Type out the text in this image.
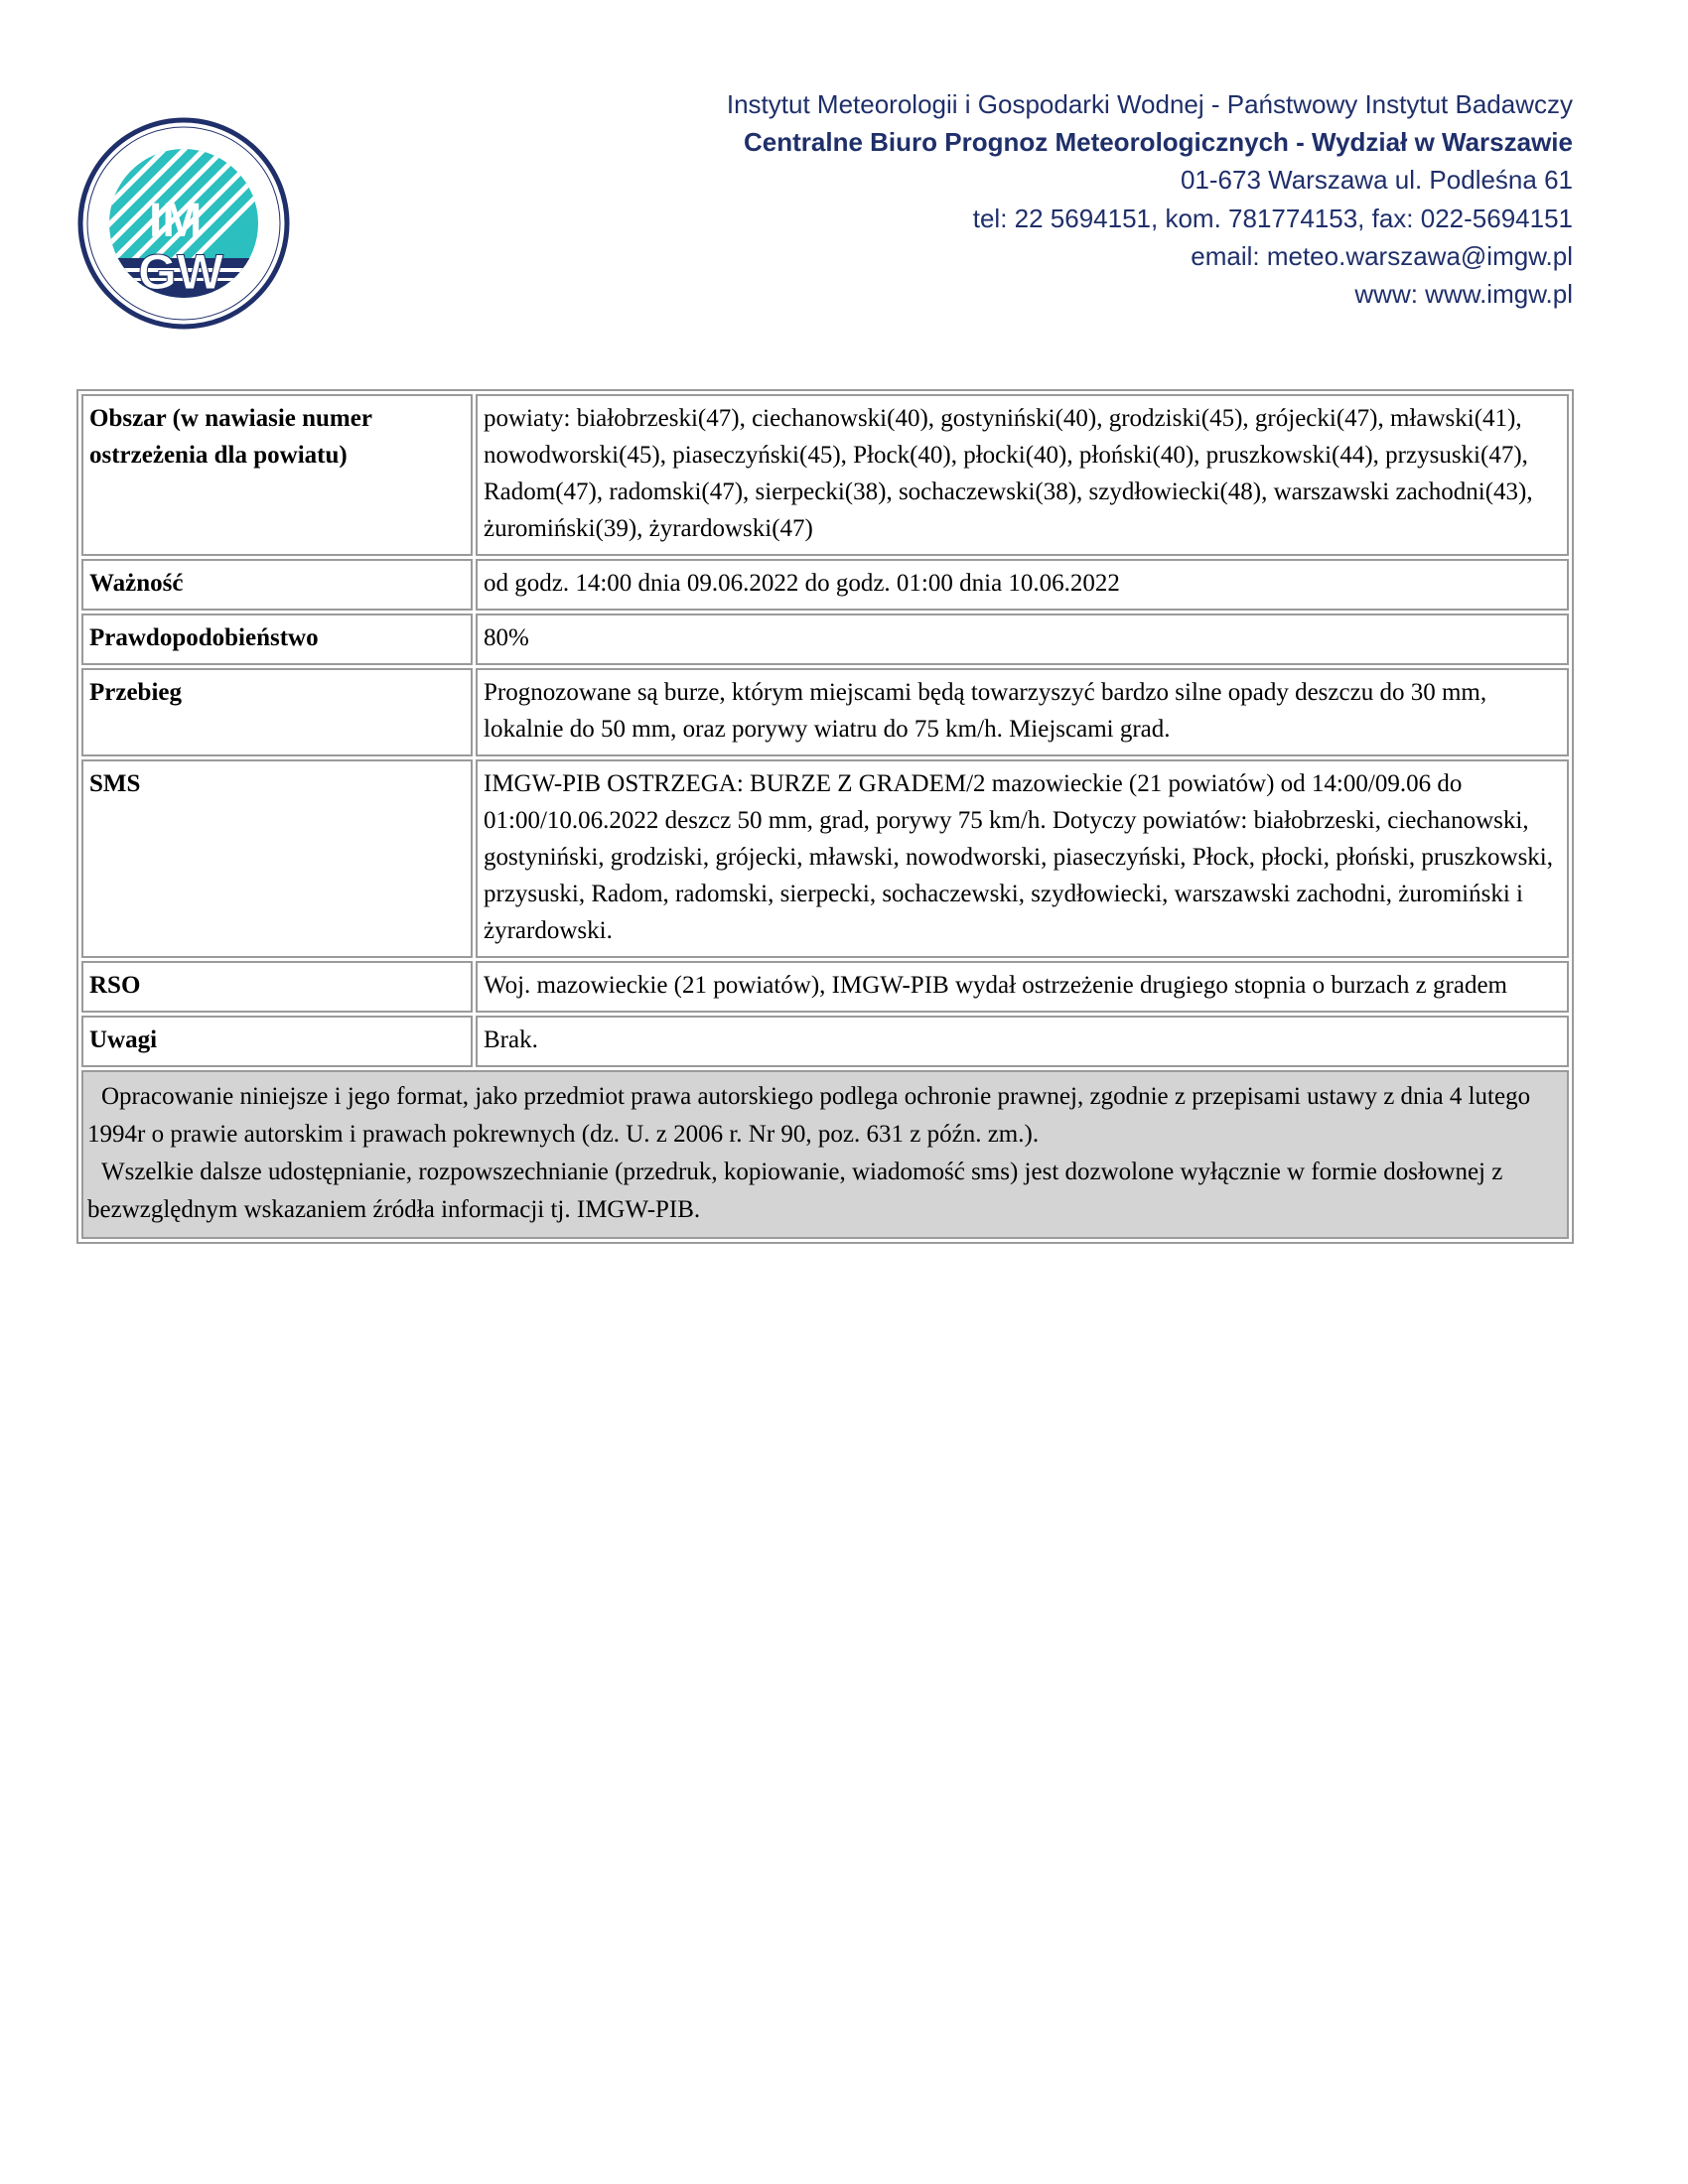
IM
GW
Instytut Meteorologii i Gospodarki Wodnej - Państwowy Instytut Badawczy
Centralne Biuro Prognoz Meteorologicznych - Wydział w Warszawie
01-673 Warszawa ul. Podleśna 61
tel: 22 5694151, kom. 781774153, fax: 022-5694151
email: meteo.warszawa@imgw.pl
www: www.imgw.pl
Obszar (w nawiasie numer ostrzeżenia dla powiatu)	powiaty: białobrzeski(47), ciechanowski(40), gostyniński(40), grodziski(45), grójecki(47), mławski(41), nowodworski(45), piaseczyński(45), Płock(40), płocki(40), płoński(40), pruszkowski(44), przysuski(47), Radom(47), radomski(47), sierpecki(38), sochaczewski(38), szydłowiecki(48), warszawski zachodni(43), żuromiński(39), żyrardowski(47)
Ważność	od godz. 14:00 dnia 09.06.2022 do godz. 01:00 dnia 10.06.2022
Prawdopodobieństwo	80%
Przebieg	Prognozowane są burze, którym miejscami będą towarzyszyć bardzo silne opady deszczu do 30 mm, lokalnie do 50 mm, oraz porywy wiatru do 75 km/h. Miejscami grad.
SMS	IMGW-PIB OSTRZEGA: BURZE Z GRADEM/2 mazowieckie (21 powiatów) od 14:00/09.06 do 01:00/10.06.2022 deszcz 50 mm, grad, porywy 75 km/h. Dotyczy powiatów: białobrzeski, ciechanowski, gostyniński, grodziski, grójecki, mławski, nowodworski, piaseczyński, Płock, płocki, płoński, pruszkowski, przysuski, Radom, radomski, sierpecki, sochaczewski, szydłowiecki, warszawski zachodni, żuromiński i żyrardowski.
RSO	Woj. mazowieckie (21 powiatów), IMGW-PIB wydał ostrzeżenie drugiego stopnia o burzach z gradem
Uwagi	Brak.

Opracowanie niniejsze i jego format, jako przedmiot prawa autorskiego podlega ochronie prawnej, zgodnie z przepisami ustawy z dnia 4 lutego 1994r o prawie autorskim i prawach pokrewnych (dz. U. z 2006 r. Nr 90, poz. 631 z późn. zm.).

Wszelkie dalsze udostępnianie, rozpowszechnianie (przedruk, kopiowanie, wiadomość sms) jest dozwolone wyłącznie w formie dosłownej z bezwzględnym wskazaniem źródła informacji tj. IMGW-PIB.	
